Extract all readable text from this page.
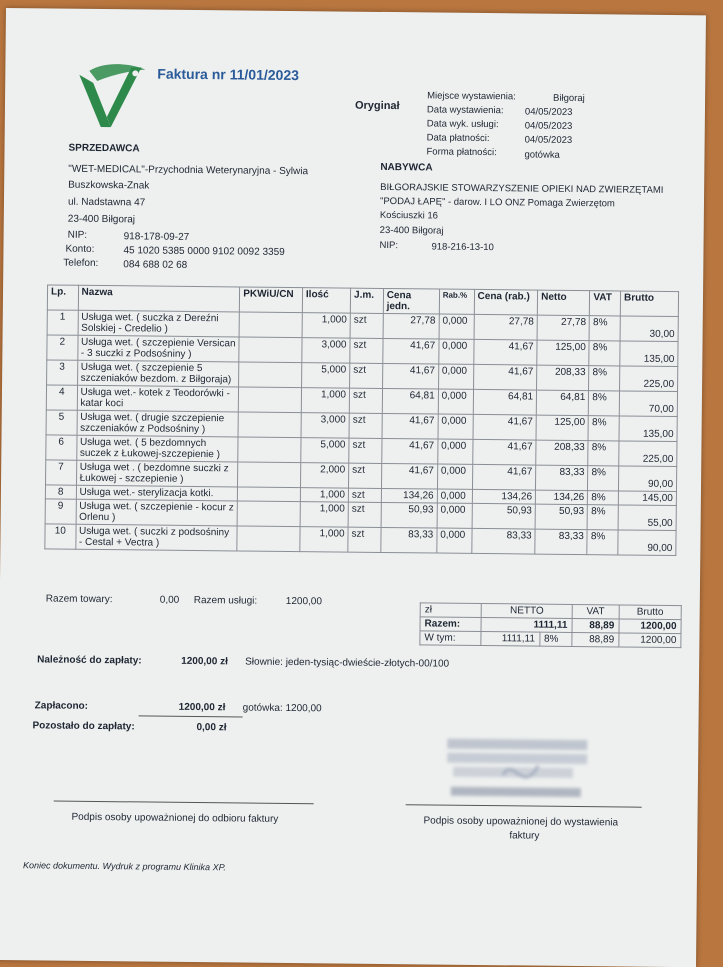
Faktura nr 11/01/2023
Oryginał
Miejsce wystawienia:	Biłgoraj
Data wystawienia: 04/05/2023
Data wyk. usługi:	04/05/2023
Data płatności:	04/05/2023
Forma płatności:	gotówka
SPRZEDAWCA
"WET-MEDICAL"-Przychodnia Weterynaryjna - Sylwia
Buszkowska-Znak
ul. Nadstawna 47
23-400 Biłgoraj
NIP:	918-178-09-27
Konto:	45 1020 5385 0000 9102 0092 3359
Telefon: 084 688 02 68
NABYWCA
BIŁGORAJSKIE STOWARZYSZENIE OPIEKI NAD ZWIERZĘTAMI
"PODAJ ŁAPĘ" - darow. I LO ONZ Pomaga Zwierzętom
Kościuszki 16
23-400 Biłgoraj
NIP:	918-216-13-10
Lp.	Nazwa	PKWiU/CN	Ilość	J.m.	Cena jedn.	Rab.%	Cena (rab.)	Netto	VAT	Brutto
1	Usługa wet. ( suczka z Dereźni Solskiej - Credelio )		1,000	szt	27,78	0,000	27,78	27,78	8%	30,00
2	Usługa wet. ( szczepienie Versican - 3 suczki z Podsośniny )		3,000	szt	41,67	0,000	41,67	125,00	8%	135,00
3	Usługa wet. ( szczepienie 5 szczeniaków bezdom. z Biłgoraja)		5,000	szt	41,67	0,000	41,67	208,33	8%	225,00
4	Usługa wet.- kotek z Teodorówki - katar koci		1,000	szt	64,81	0,000	64,81	64,81	8%	70,00
5	Usługa wet. ( drugie szczepienie szczeniaków z Podsośniny )		3,000	szt	41,67	0,000	41,67	125,00	8%	135,00
6	Usługa wet. ( 5 bezdomnych suczek z Łukowej-szczepienie )		5,000	szt	41,67	0,000	41,67	208,33	8%	225,00
7	Usługa wet . ( bezdomne suczki z Łukowej - szczepienie )		2,000	szt	41,67	0,000	41,67	83,33	8%	90,00
8	Usługa wet.- sterylizacja kotki.		1,000	szt	134,26	0,000	134,26	134,26	8%	145,00
9	Usługa wet. ( szczepienie - kocur z Orlenu )		1,000	szt	50,93	0,000	50,93	50,93	8%	55,00
10	Usługa wet. ( suczki z podsośniny - Cestal + Vectra )		1,000	szt	83,33	0,000	83,33	83,33	8%	90,00
Razem towary:	0,00 Razem usługi:	1200,00
zł	NETTO		VAT	Brutto
Razem:	1111,11		88,89	1200,00
W tym:	1111,11	8%	88,89	1200,00
Należność do zapłaty:	1200,00 zł Słownie: jeden-tysiąc-dwieście-złotych-00/100
Zapłacono:	1200,00 zł gotówka: 1200,00
Pozostało do zapłaty:	0,00 zł
Podpis osoby upoważnionej do odbioru faktury	Podpis osoby upoważnionej do wystawienia
faktury
Koniec dokumentu. Wydruk z programu Klinika XP.
